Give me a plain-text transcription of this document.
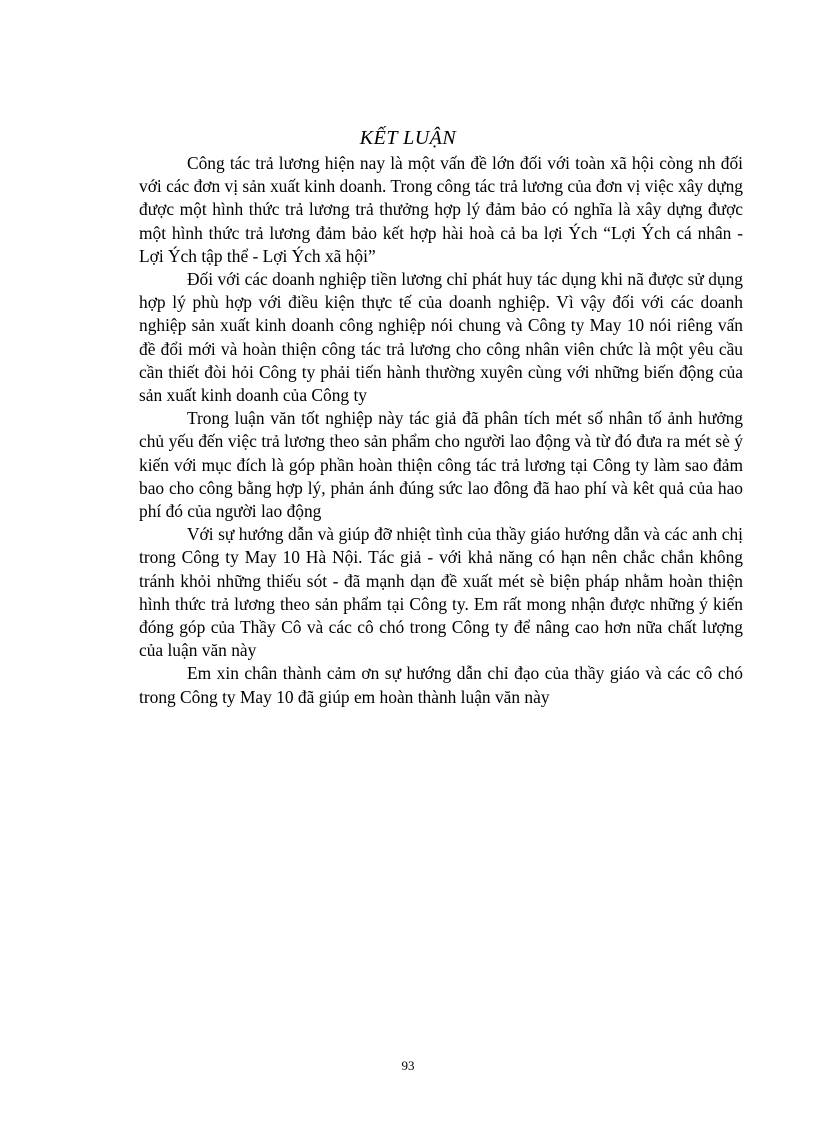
KẾT LUẬN

Công tác trả lương hiện nay là một vấn đề lớn đối với toàn xã hội còng nh đối với các đơn vị sản xuất kinh doanh. Trong công tác trả lương của đơn vị việc xây dựng được một hình thức trả lương trả thưởng hợp lý đảm bảo có nghĩa là xây dựng được một hình thức trả lương đảm bảo kết hợp hài hoà cả ba lợi Ých “Lợi Ých cá nhân - Lợi Ých tập thể - Lợi Ých xã hội”

Đối với các doanh nghiệp tiền lương chỉ phát huy tác dụng khi nã được sử dụng hợp lý phù hợp với điều kiện thực tế của doanh nghiệp. Vì vậy đối với các doanh nghiệp sản xuất kinh doanh công nghiệp nói chung và Công ty May 10 nói riêng vấn đề đổi mới và hoàn thiện công tác trả lương cho công nhân viên chức là một yêu cầu cần thiết đòi hỏi Công ty phải tiến hành thường xuyên cùng với những biến động của sản xuất kinh doanh của Công ty

Trong luận văn tốt nghiệp này tác giả đã phân tích mét số nhân tố ảnh hưởng chủ yếu đến việc trả lương theo sản phẩm cho người lao động và từ đó đưa ra mét sè ý kiến với mục đích là góp phần hoàn thiện công tác trả lương tại Công ty làm sao đảm bao cho công bằng hợp lý, phản ánh đúng sức lao đông đã hao phí và kêt quả của hao phí đó của người lao động

Với sự hướng dẫn và giúp đỡ nhiệt tình của thầy giáo hướng dẫn và các anh chị trong Công ty May 10 Hà Nội. Tác giả - với khả năng có hạn nên chắc chắn không tránh khỏi những thiếu sót - đã mạnh dạn đề xuất mét sè biện pháp nhằm hoàn thiện hình thức trả lương theo sản phẩm tại Công ty. Em rất mong nhận được những ý kiến đóng góp của Thầy Cô và các cô chó trong Công ty để nâng cao hơn nữa chất lượng của luận văn này

Em xin chân thành cảm ơn sự hướng dẫn chỉ đạo của thầy giáo và các cô chó trong Công ty May 10 đã giúp em hoàn thành luận văn này

93
